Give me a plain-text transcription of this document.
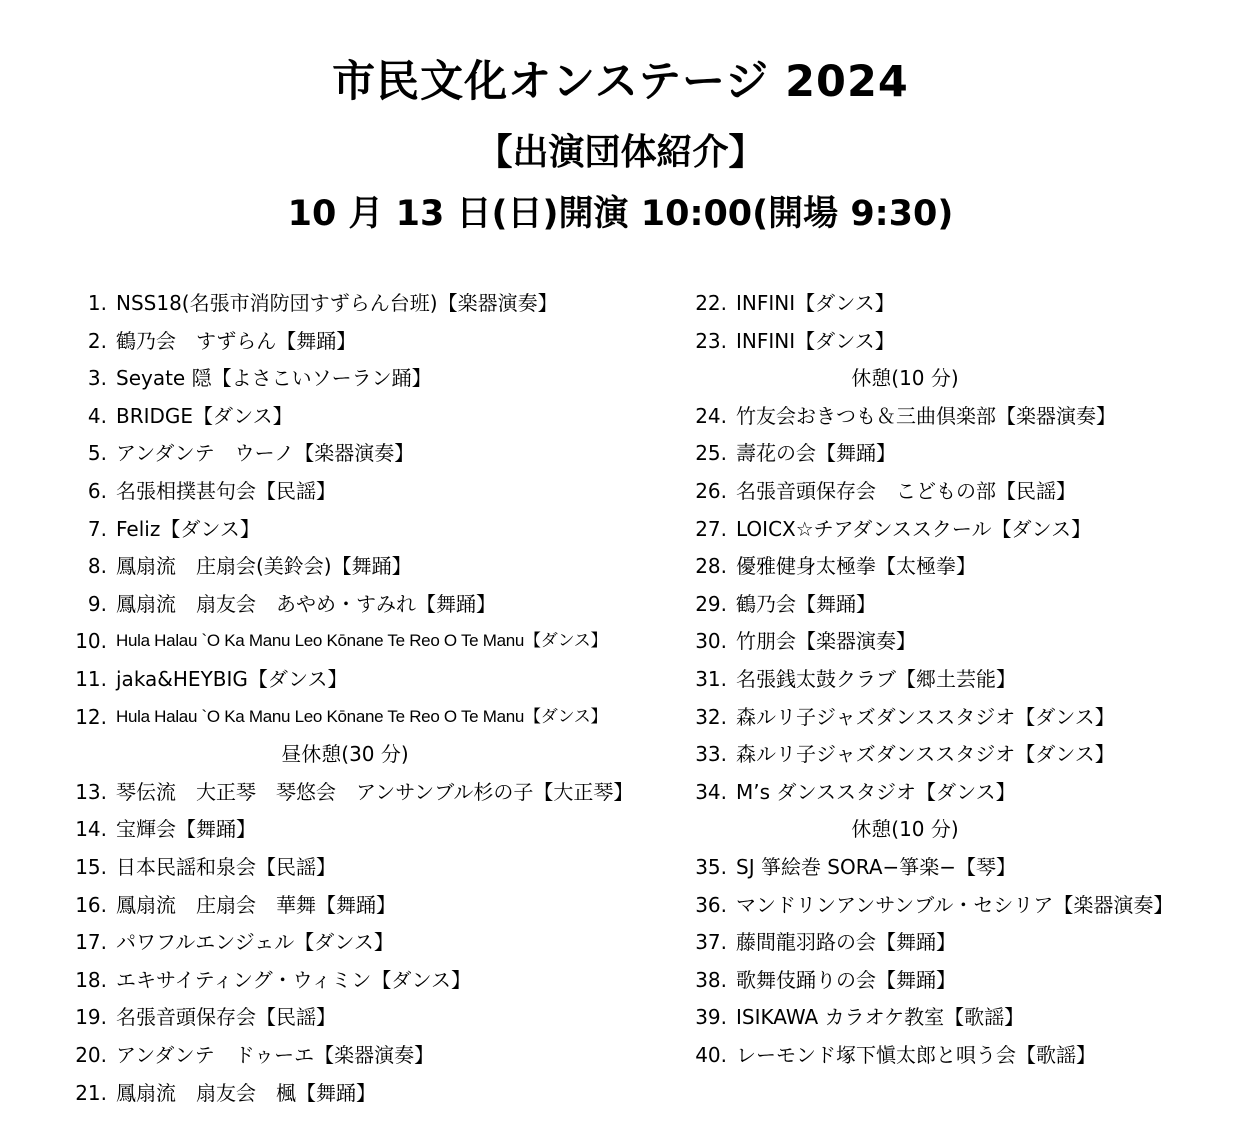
市民文化オンステージ 2024
【出演団体紹介】
10 月 13 日(日)開演 10:00(開場 9:30)
1. NSS18(名張市消防団すずらん台班)【楽器演奏】
2. 鶴乃会　すずらん【舞踊】
3. Seyate 隠【よさこいソーラン踊】
4. BRIDGE【ダンス】
5. アンダンテ　ウーノ【楽器演奏】
6. 名張相撲甚句会【民謡】
7. Feliz【ダンス】
8. 鳳扇流　庄扇会(美鈴会)【舞踊】
9. 鳳扇流　扇友会　あやめ・すみれ【舞踊】
10. Hula Halau `O Ka Manu Leo Kōnane Te Reo O Te Manu【ダンス】
11. jaka&HEYBIG【ダンス】
12. Hula Halau `O Ka Manu Leo Kōnane Te Reo O Te Manu【ダンス】
昼休憩(30 分)
13. 琴伝流　大正琴　琴悠会　アンサンブル杉の子【大正琴】
14. 宝輝会【舞踊】
15. 日本民謡和泉会【民謡】
16. 鳳扇流　庄扇会　華舞【舞踊】
17. パワフルエンジェル【ダンス】
18. エキサイティング・ウィミン【ダンス】
19. 名張音頭保存会【民謡】
20. アンダンテ　ドゥーエ【楽器演奏】
21. 鳳扇流　扇友会　楓【舞踊】
22. INFINI【ダンス】
23. INFINI【ダンス】
休憩(10 分)
24. 竹友会おきつも＆三曲倶楽部【楽器演奏】
25. 壽花の会【舞踊】
26. 名張音頭保存会　こどもの部【民謡】
27. LOICX☆チアダンススクール【ダンス】
28. 優雅健身太極拳【太極拳】
29. 鶴乃会【舞踊】
30. 竹朋会【楽器演奏】
31. 名張銭太鼓クラブ【郷土芸能】
32. 森ルリ子ジャズダンススタジオ【ダンス】
33. 森ルリ子ジャズダンススタジオ【ダンス】
34. M’s ダンススタジオ【ダンス】
休憩(10 分)
35. SJ 箏絵巻 SORA−箏楽−【琴】
36. マンドリンアンサンブル・セシリア【楽器演奏】
37. 藤間龍羽路の会【舞踊】
38. 歌舞伎踊りの会【舞踊】
39. ISIKAWA カラオケ教室【歌謡】
40. レーモンド塚下愼太郎と唄う会【歌謡】
